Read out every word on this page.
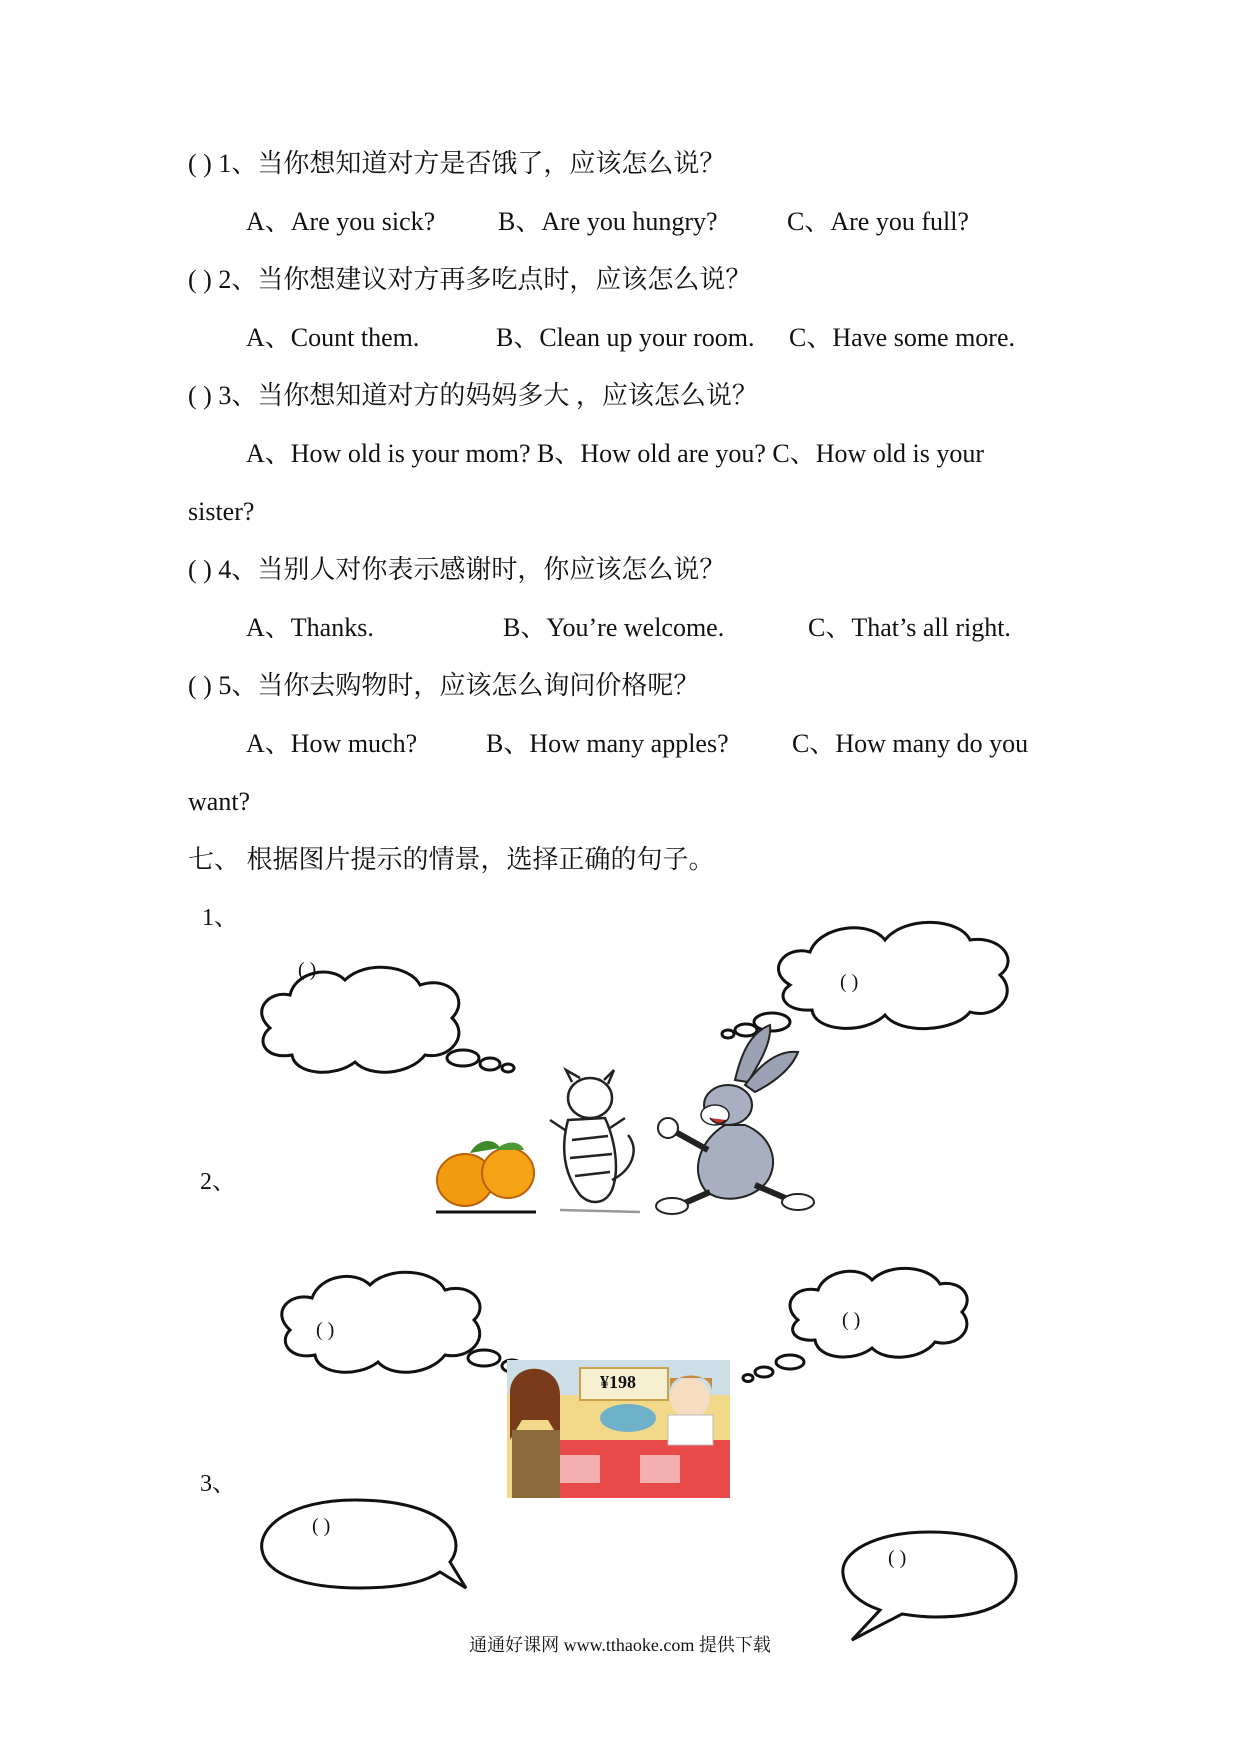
( ) 1、当你想知道对方是否饿了，应该怎么说？
A、Are you sick? B、Are you hungry?	C、Are you full?
( ) 2、当你想建议对方再多吃点时，应该怎么说？
A、Count them.	B、Clean up your room. C、Have some more.
( ) 3、当你想知道对方的妈妈多大 ，应该怎么说？
A、How old is your mom? B、How old are you? C、How old is your
sister?
( ) 4、当别人对你表示感谢时，你应该怎么说？
A、Thanks.	B、You’re welcome.	C、That’s all right.
( ) 5、当你去购物时，应该怎么询问价格呢？
A、How much?	B、How many apples? C、How many do you
want?
七、 根据图片提示的情景，选择正确的句子。
1、
2、
3、
( )
( )
( )	( )
( )
( )
¥198
通通好课网 www.tthaoke.com 提供下载
